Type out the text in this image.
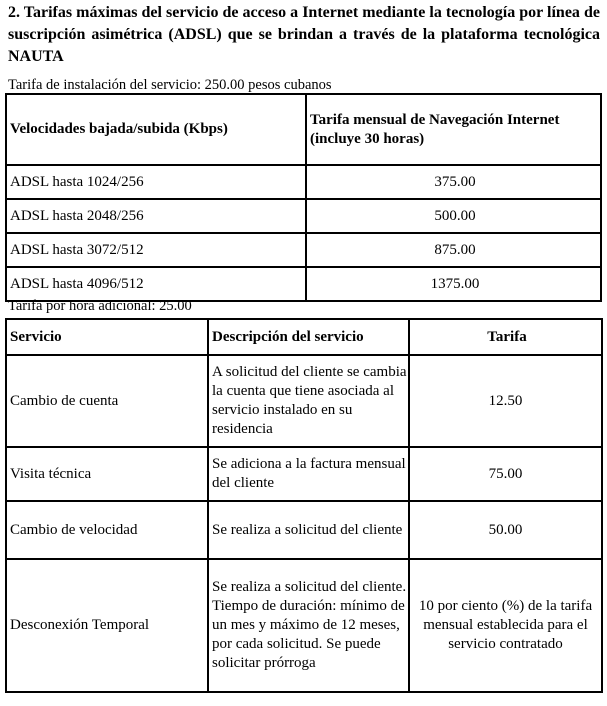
2. Tarifas máximas del servicio de acceso a Internet mediante la tecnología por línea de suscripción asimétrica (ADSL) que se brindan a través de la plataforma tecnológica NAUTA
Tarifa de instalación del servicio: 250.00 pesos cubanos
Velocidades bajada/subida (Kbps)	Tarifa mensual de Navegación Internet (incluye 30 horas)
ADSL hasta 1024/256	375.00
ADSL hasta 2048/256	500.00
ADSL hasta 3072/512	875.00
ADSL hasta 4096/512	1375.00
Tarifa por hora adicional: 25.00
Servicio	Descripción del servicio	Tarifa
Cambio de cuenta	A solicitud del cliente se cambia la cuenta que tiene asociada al servicio instalado en su residencia	12.50
Visita técnica	Se adiciona a la factura mensual del cliente	75.00
Cambio de velocidad	Se realiza a solicitud del cliente	50.00
Desconexión Temporal	Se realiza a solicitud del cliente. Tiempo de duración: mínimo de un mes y máximo de 12 meses, por cada solicitud. Se puede solicitar prórroga	10 por ciento (%) de la tarifa mensual establecida para el servicio contratado
